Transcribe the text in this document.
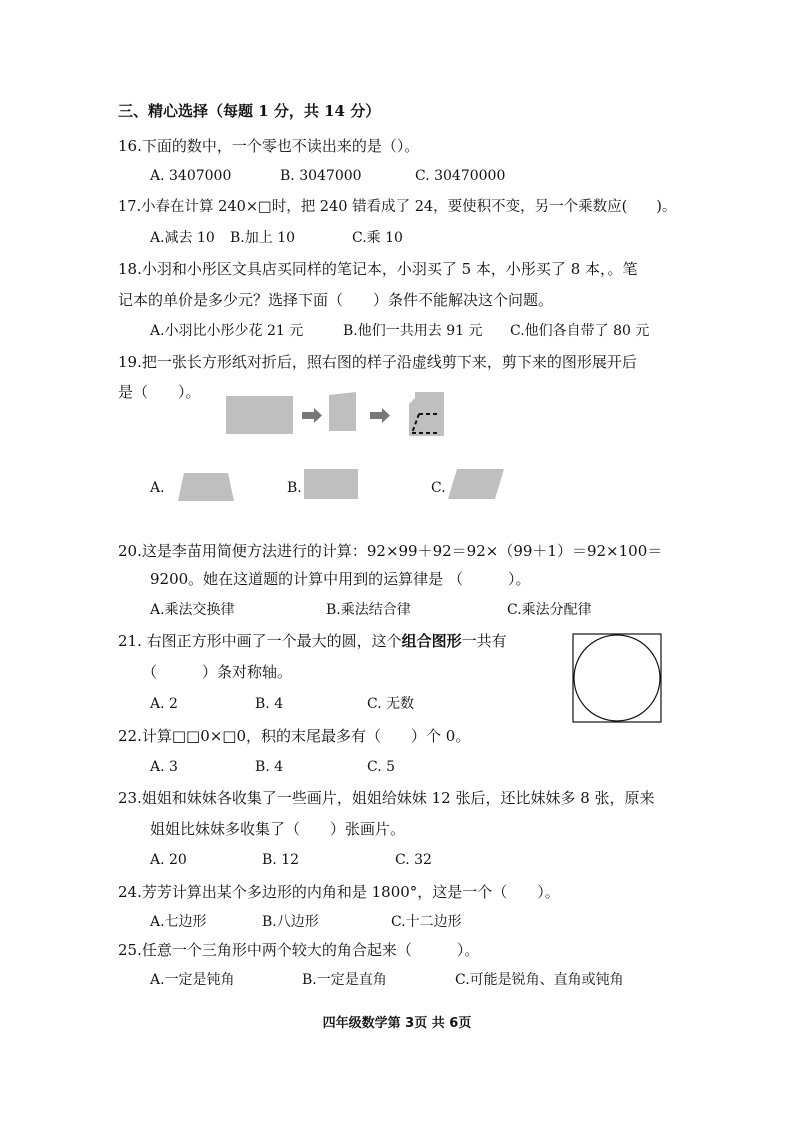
三、精心选择（每题 1 分，共 14 分）
16.下面的数中，一个零也不读出来的是（）。
A. 3407000	B. 3047000	C. 30470000
17.小春在计算 240×□时，把 240 错看成了 24，要使积不变，另一个乘数应(　　)。
A.减去 10 B.加上 10	C.乘 10
18.小羽和小彤区文具店买同样的笔记本，小羽买了 5 本，小彤买了 8 本，。笔
记本的单价是多少元？选择下面（　　）条件不能解决这个问题。
A.小羽比小彤少花 21 元	B.他们一共用去 91 元 C.他们各自带了 80 元
19.把一张长方形纸对折后，照右图的样子沿虚线剪下来，剪下来的图形展开后
是（　　）。
A.	B.	C.
20.这是李苗用简便方法进行的计算：92×99＋92＝92×（99＋1）＝92×100＝
9200。她在这道题的计算中用到的运算律是 （　　　）。
A.乘法交换律	B.乘法结合律	C.乘法分配律
21. 右图正方形中画了一个最大的圆，这个组合图形一共有
（　　　）条对称轴。
A. 2	B. 4	C. 无数
22.计算□□0×□0，积的末尾最多有（　　）个 0。
A. 3	B. 4	C. 5
23.姐姐和妹妹各收集了一些画片，姐姐给妹妹 12 张后，还比妹妹多 8 张，原来
姐姐比妹妹多收集了（　　）张画片。
A. 20	B. 12	C. 32
24.芳芳计算出某个多边形的内角和是 1800°，这是一个（　　）。
A.七边形	B.八边形	C.十二边形
25.任意一个三角形中两个较大的角合起来（　　　）。
A.一定是钝角	B.一定是直角	C.可能是锐角、直角或钝角
四年级数学第 3页 共 6页
